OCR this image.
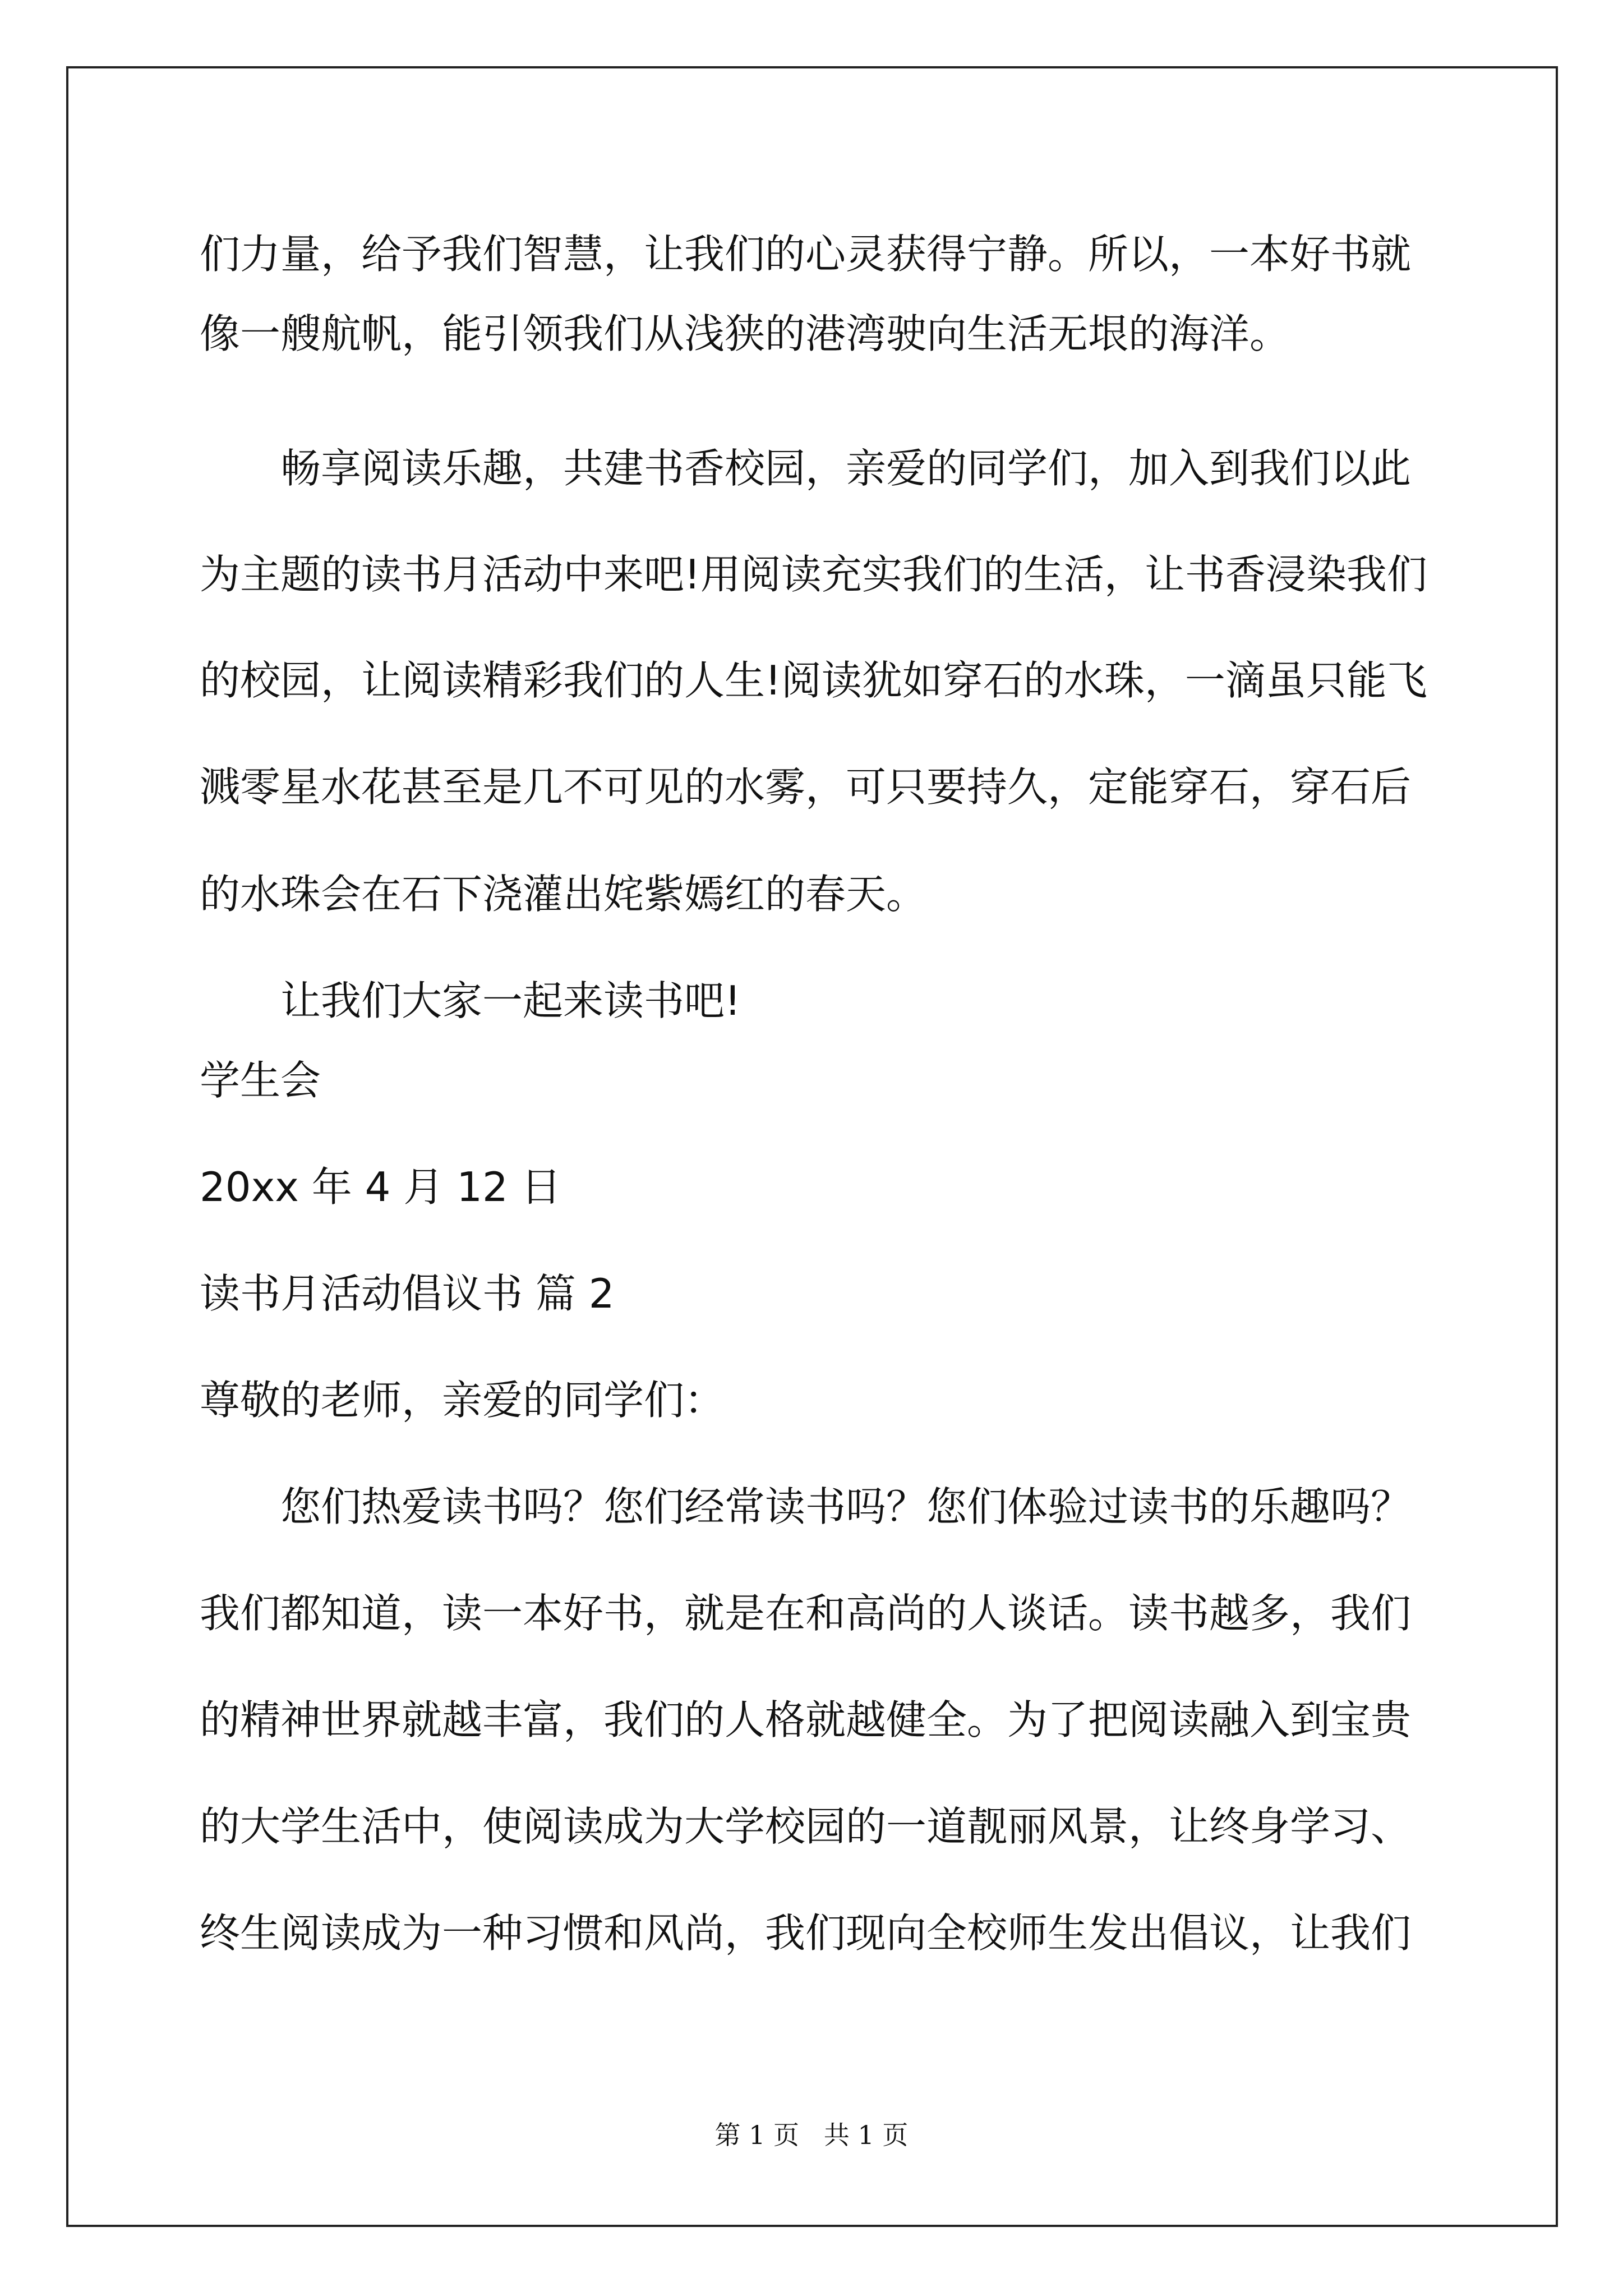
们力量，给予我们智慧，让我们的心灵获得宁静。所以，一本好书就

像一艘航帆，能引领我们从浅狭的港湾驶向生活无垠的海洋。

畅享阅读乐趣，共建书香校园，亲爱的同学们，加入到我们以此

为主题的读书月活动中来吧!用阅读充实我们的生活，让书香浸染我们

的校园，让阅读精彩我们的人生!阅读犹如穿石的水珠，一滴虽只能飞

溅零星水花甚至是几不可见的水雾，可只要持久，定能穿石，穿石后

的水珠会在石下浇灌出姹紫嫣红的春天。

让我们大家一起来读书吧!

学生会

20xx 年 4 月 12 日

读书月活动倡议书 篇 2

尊敬的老师，亲爱的同学们：

您们热爱读书吗？您们经常读书吗？您们体验过读书的乐趣吗？

我们都知道，读一本好书，就是在和高尚的人谈话。读书越多，我们

的精神世界就越丰富，我们的人格就越健全。为了把阅读融入到宝贵

的大学生活中，使阅读成为大学校园的一道靓丽风景，让终身学习、

终生阅读成为一种习惯和风尚，我们现向全校师生发出倡议，让我们

第 1 页   共 1 页
